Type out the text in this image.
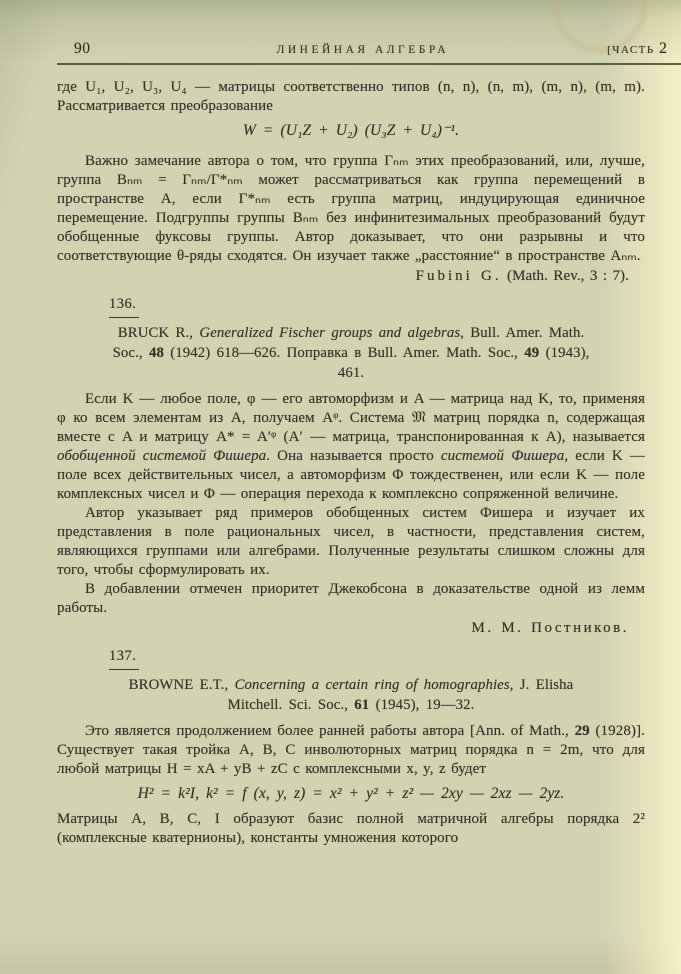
90	ЛИНЕЙНАЯ АЛГЕБРА	[ЧАСТЬ 2

где U₁, U₂, U₃, U₄ — матрицы соответственно типов (n, n), (n, m), (m, n), (m, m). Рассматривается преобразование

W = (U₁Z + U₂) (U₃Z + U₄)⁻¹.

Важно замечание автора о том, что группа Γₙₘ этих преобразований, или, лучше, группа Bₙₘ = Γₙₘ/Γ*ₙₘ может рассматриваться как группа перемещений в пространстве A, если Γ*ₙₘ есть группа матриц, индуцирующая единичное перемещение. Подгруппы группы Bₙₘ без инфинитезимальных преобразований будут обобщенные фуксовы группы. Автор доказывает, что они разрывны и что соответствующие θ-ряды сходятся. Он изучает также „расстояние“ в пространстве Aₙₘ.

Fubini G. (Math. Rev., 3 : 7).

136.

BRUCK R., Generalized Fischer groups and algebras, Bull. Amer. Math. Soc., 48 (1942) 618—626. Поправка в Bull. Amer. Math. Soc., 49 (1943), 461.

Если K — любое поле, φ — его автоморфизм и A — матрица над K, то, применяя φ ко всем элементам из A, получаем Aᵠ. Система 𝔐 матриц порядка n, содержащая вместе с A и матрицу A* = A′ᵠ (A′ — матрица, транспонированная к A), называется обобщенной системой Фишера. Она называется просто системой Фишера, если K — поле всех действительных чисел, а автоморфизм Φ тождественен, или если K — поле комплексных чисел и Φ — операция перехода к комплексно сопряженной величине.

Автор указывает ряд примеров обобщенных систем Фишера и изучает их представления в поле рациональных чисел, в частности, представления систем, являющихся группами или алгебрами. Полученные результаты слишком сложны для того, чтобы сформулировать их.

В добавлении отмечен приоритет Джекобсона в доказательстве одной из лемм работы.

М. М. Постников.

137.

BROWNE E.T., Concerning a certain ring of homographies, J. Elisha Mitchell. Sci. Soc., 61 (1945), 19—32.

Это является продолжением более ранней работы автора [Ann. of Math., 29 (1928)]. Существует такая тройка A, B, C инволюторных матриц порядка n = 2m, что для любой матрицы H = xA + yB + zC с комплексными x, y, z будет

H² = k²I, k² = f (x, y, z) = x² + y² + z² — 2xy — 2xz — 2yz.

Матрицы A, B, C, I образуют базис полной матричной алгебры порядка 2² (комплексные кватернионы), константы умножения которого
